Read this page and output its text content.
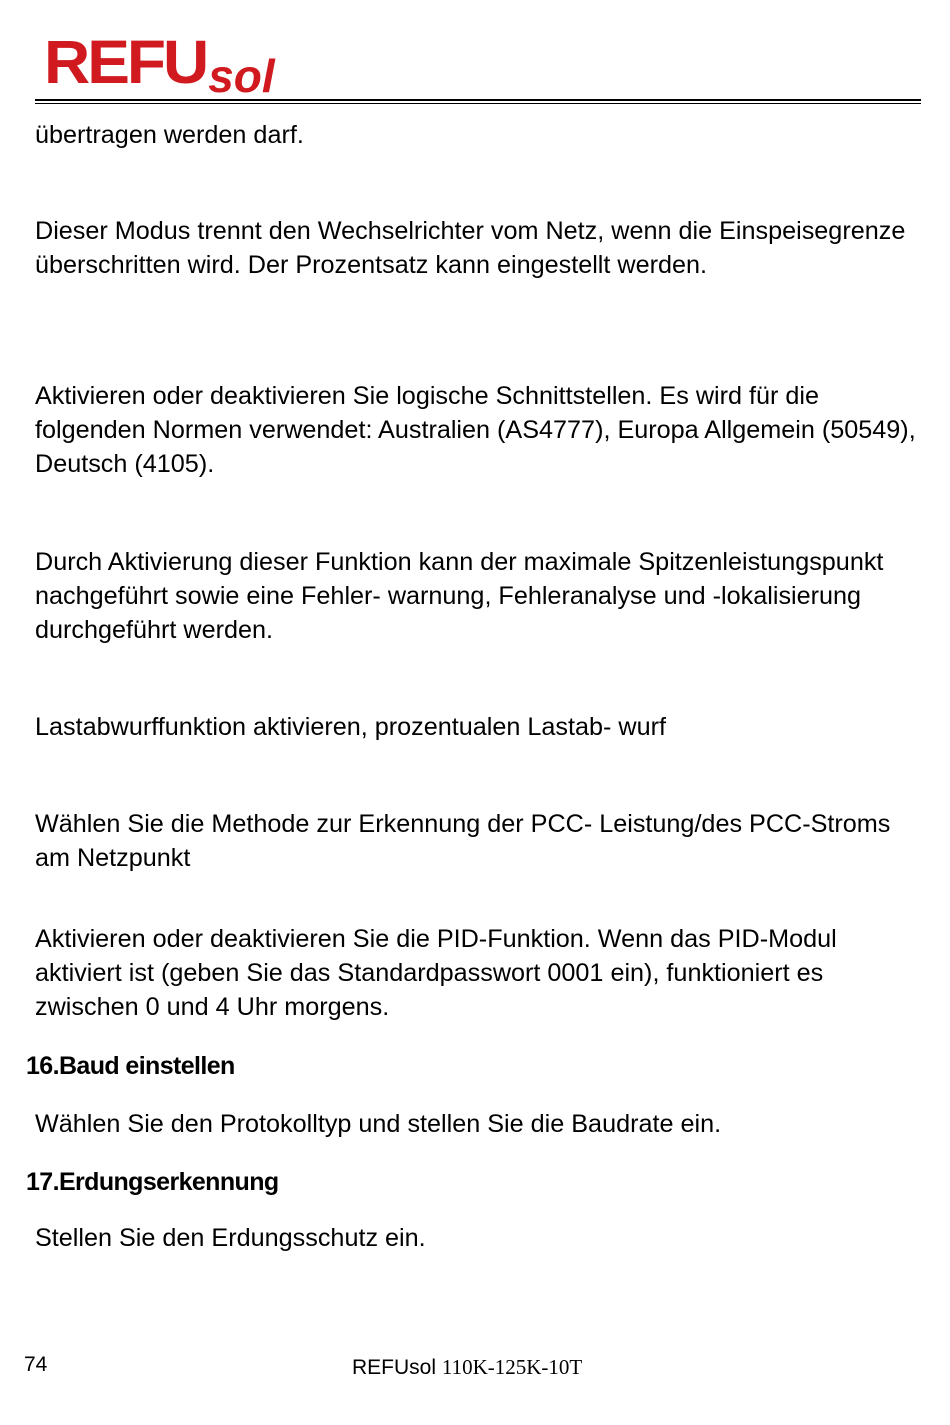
REFUsol

übertragen werden darf.

Dieser Modus trennt den Wechselrichter vom Netz, wenn die Einspeisegrenze überschritten wird. Der Prozentsatz kann eingestellt werden.

Aktivieren oder deaktivieren Sie logische Schnittstellen. Es wird für die folgenden Normen verwendet: Australien (AS4777), Europa Allgemein (50549), Deutsch (4105).

Durch Aktivierung dieser Funktion kann der maximale Spitzenleistungspunkt nachgeführt sowie eine Fehler- warnung, Fehleranalyse und -lokalisierung durchgeführt werden.

Lastabwurffunktion aktivieren, prozentualen Lastab- wurf

Wählen Sie die Methode zur Erkennung der PCC- Leistung/des PCC-Stroms am Netzpunkt

Aktivieren oder deaktivieren Sie die PID-Funktion. Wenn das PID-Modul aktiviert ist (geben Sie das Standardpasswort 0001 ein), funktioniert es zwischen 0 und 4 Uhr morgens.

16.Baud einstellen

Wählen Sie den Protokolltyp und stellen Sie die Baudrate ein.

17.Erdungserkennung

Stellen Sie den Erdungsschutz ein.

74	REFUsol 110K-125K-10T
